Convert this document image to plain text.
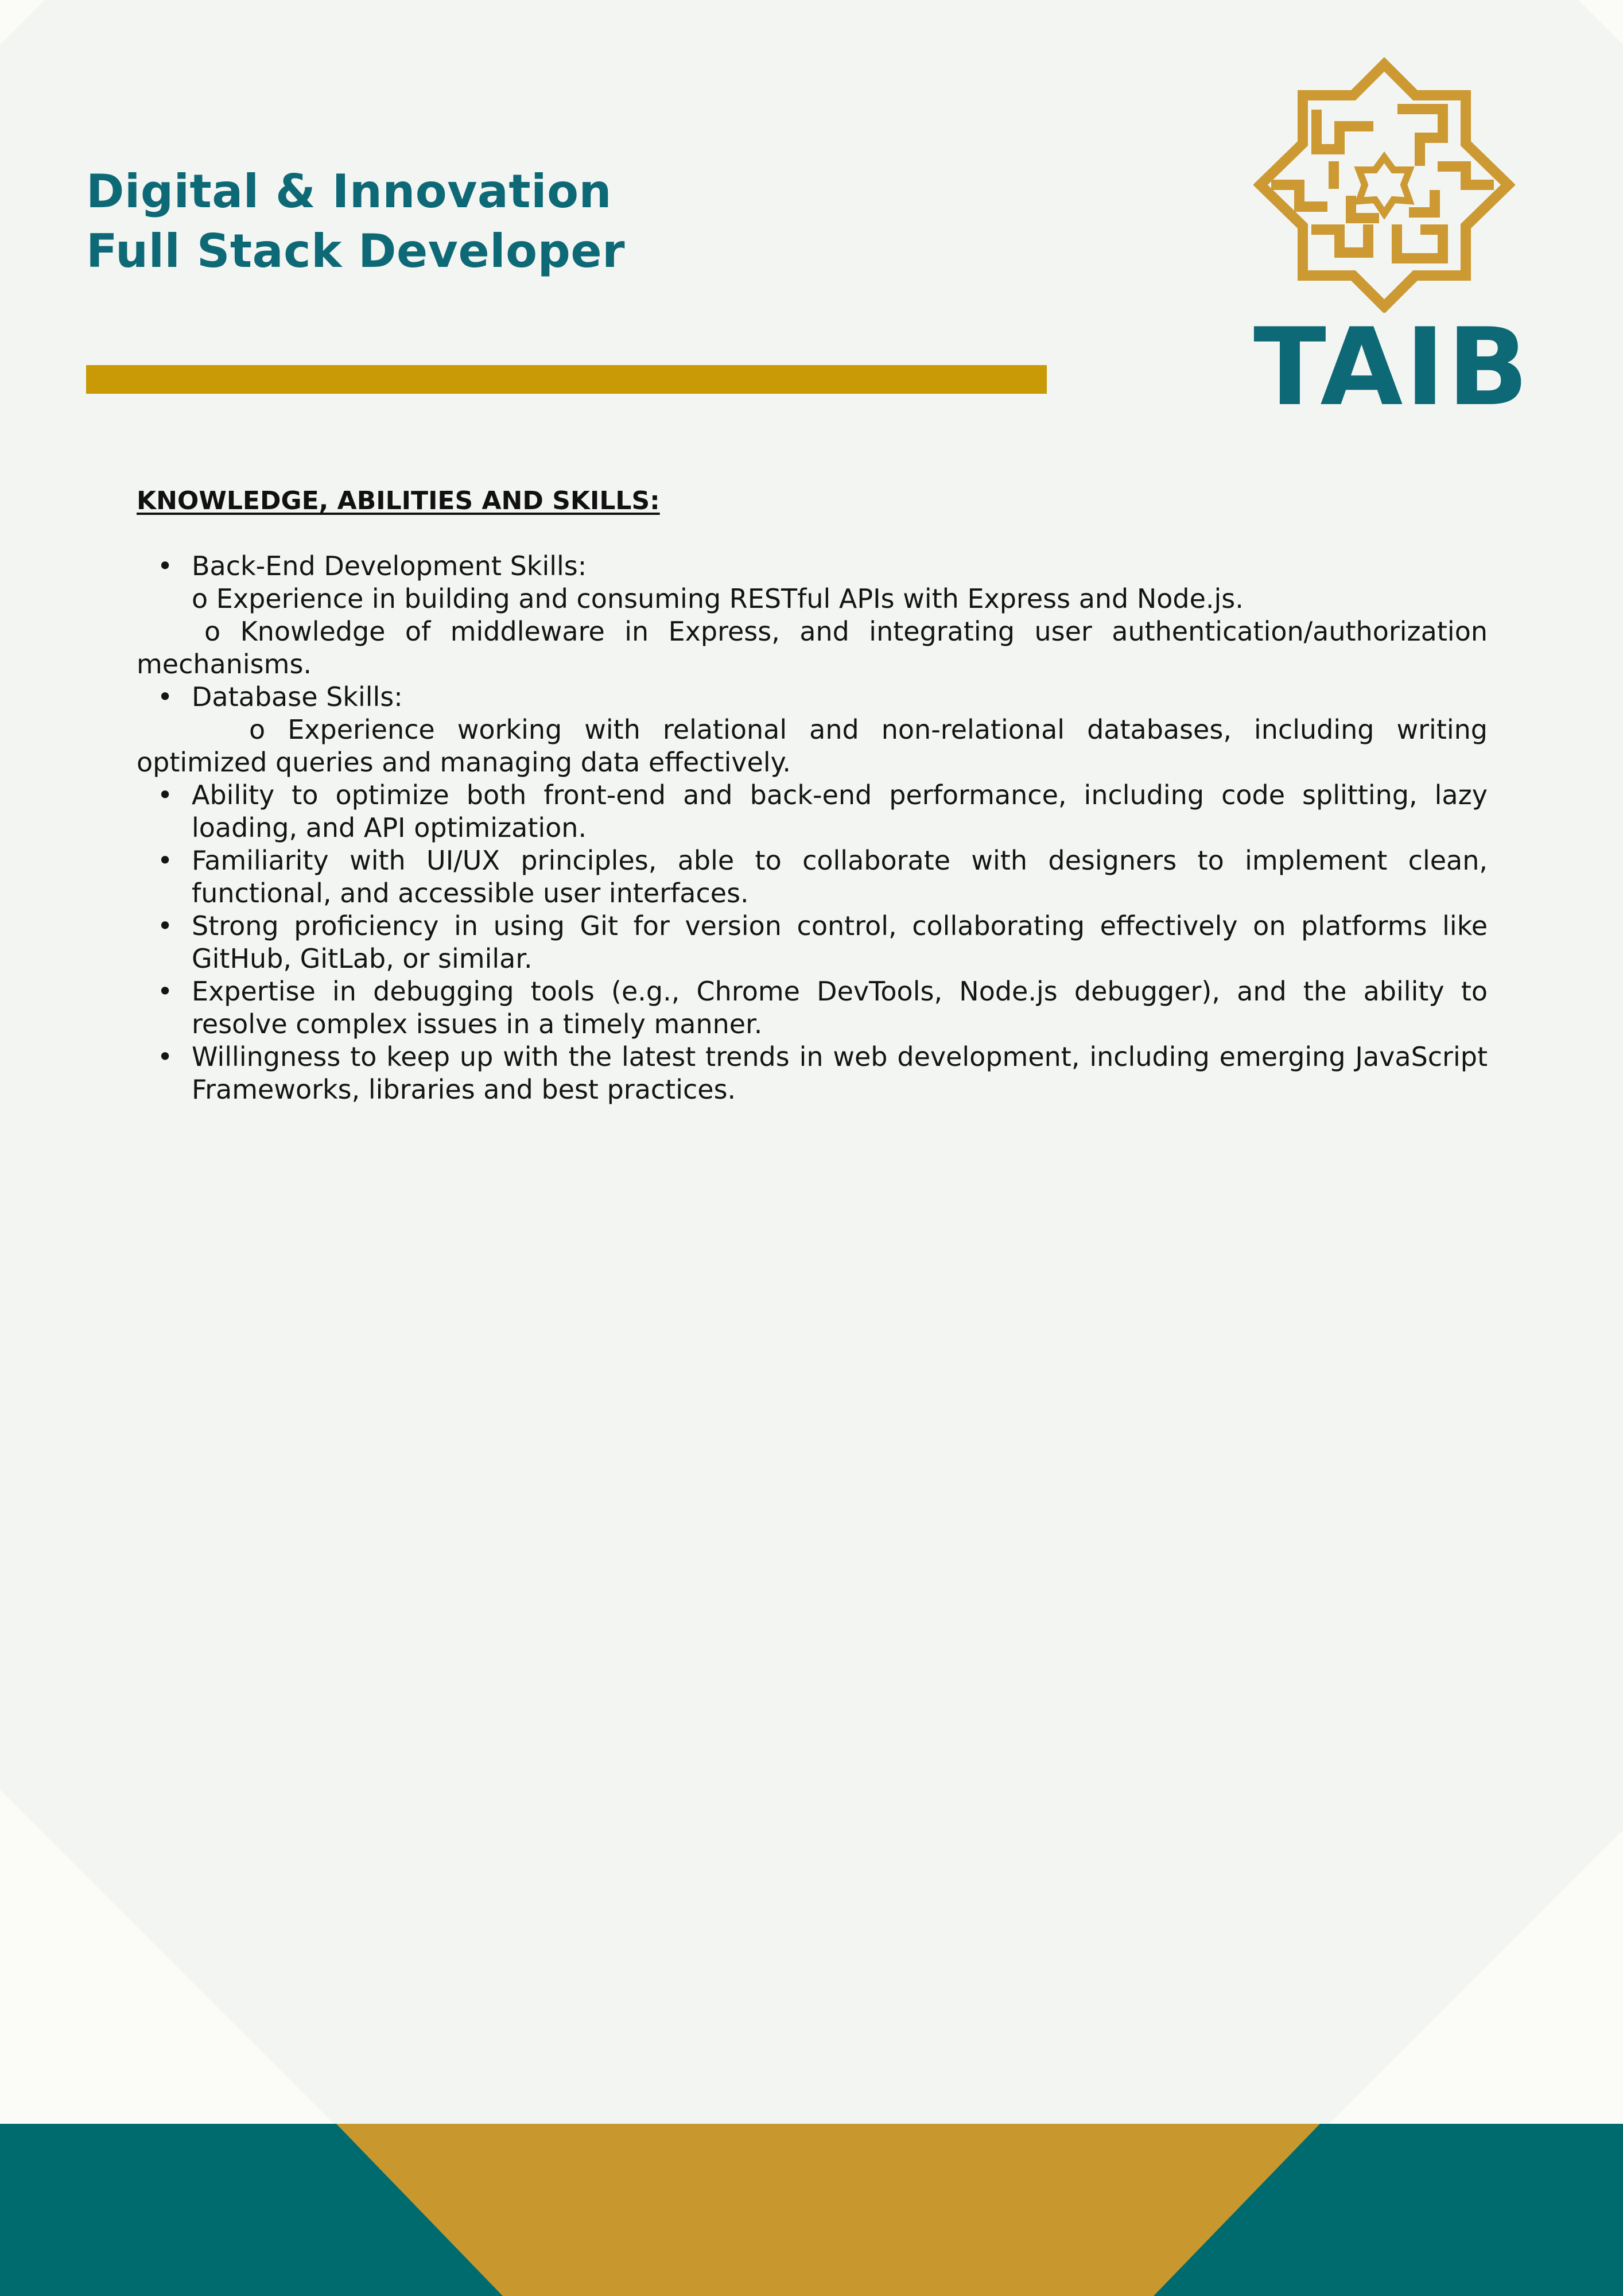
Digital & Innovation
Full Stack Developer
TAIB
KNOWLEDGE, ABILITIES AND SKILLS:
• Back-End Development Skills:
o Experience in building and consuming RESTful APIs with Express and Node.js.
o Knowledge of middleware in Express, and integrating user authentication/authorization mechanisms.
• Database Skills:
o Experience working with relational and non-relational databases, including writing optimized queries and managing data effectively.
• Ability to optimize both front-end and back-end performance, including code splitting, lazy loading, and API optimization.
• Familiarity with UI/UX principles, able to collaborate with designers to implement clean, functional, and accessible user interfaces.
• Strong proficiency in using Git for version control, collaborating effectively on platforms like GitHub, GitLab, or similar.
• Expertise in debugging tools (e.g., Chrome DevTools, Node.js debugger), and the ability to resolve complex issues in a timely manner.
• Willingness to keep up with the latest trends in web development, including emerging JavaScript Frameworks, libraries and best practices.
